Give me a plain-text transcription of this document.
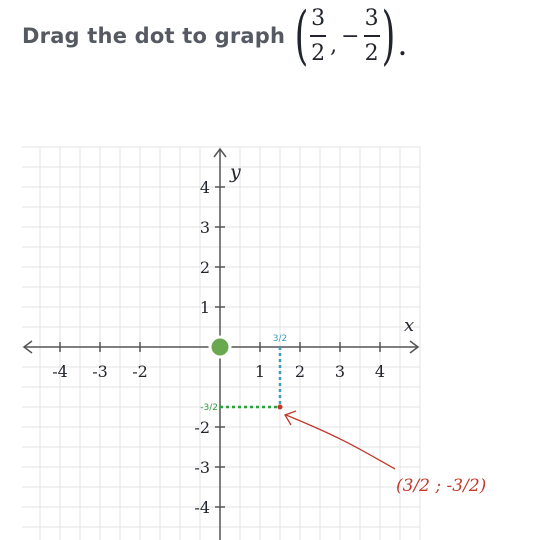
Drag the dot to graph ( $\frac{3}{2}$ , − $\frac{3}{2}$ ) .
x
y
-4 -3 -2	1 2 3 4
4
3
2
1
-2
-3
-4
3/2
-3/2
(3/2 ; -3/2)
